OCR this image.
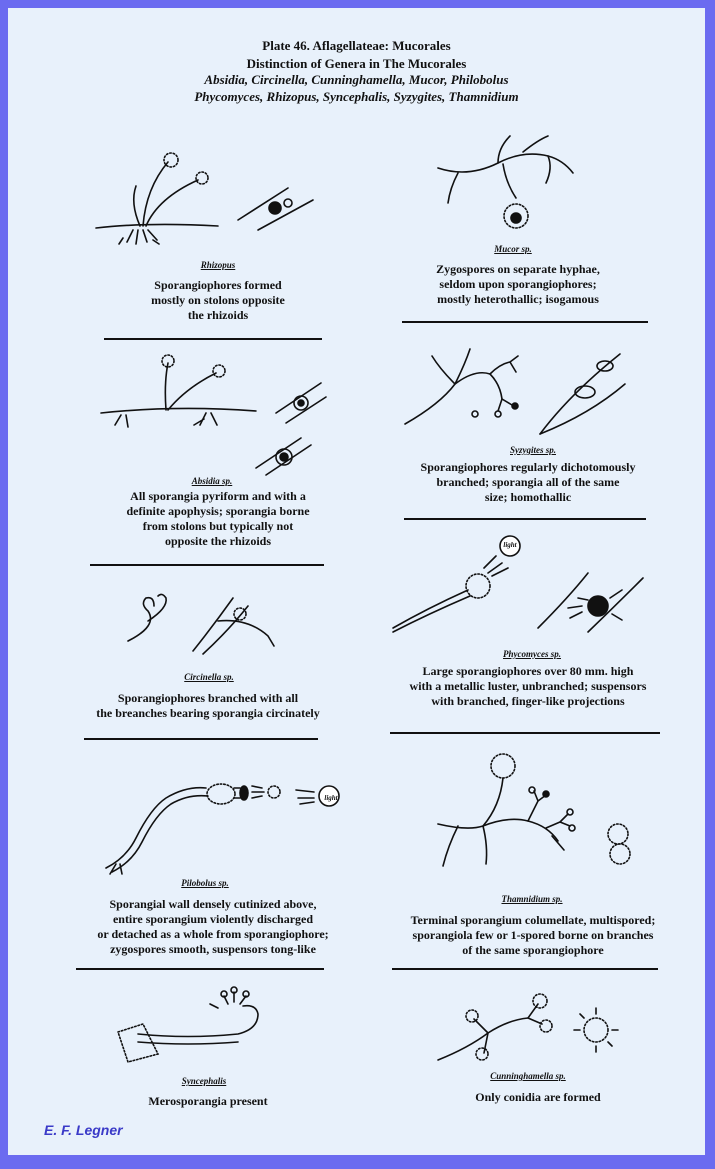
Plate 46. Aflagellateae: Mucorales
Distinction of Genera in The Mucorales
Absidia, Circinella, Cunninghamella, Mucor, Philobolus
Phycomyces, Rhizopus, Syncephalis, Syzygites, Thamnidium
Rhizopus
Sporangiophores formed
mostly on stolons opposite
the rhizoids
Mucor sp.
Zygospores on separate hyphae,
seldom upon sporangiophores;
mostly heterothallic; isogamous
Absidia sp.
All sporangia pyriform and with a
definite apophysis; sporangia borne
from stolons but typically not
opposite the rhizoids
Syzygites sp.
Sporangiophores regularly dichotomously
branched; sporangia all of the same
size; homothallic
Circinella sp.
Sporangiophores branched with all
the breanches bearing sporangia circinately
light
Phycomyces sp.
Large sporangiophores over 80 mm. high
with a metallic luster, unbranched; suspensors
with branched, finger-like projections
light
Pilobolus sp.
Sporangial wall densely cutinized above,
entire sporangium violently discharged
or detached as a whole from sporangiophore;
zygospores smooth, suspensors tong-like
Thamnidium sp.
Terminal sporangium columellate, multispored;
sporangiola few or 1-spored borne on branches
of the same sporangiophore
Syncephalis
Merosporangia present
Cunninghamella sp.
Only conidia are formed
E. F. Legner
